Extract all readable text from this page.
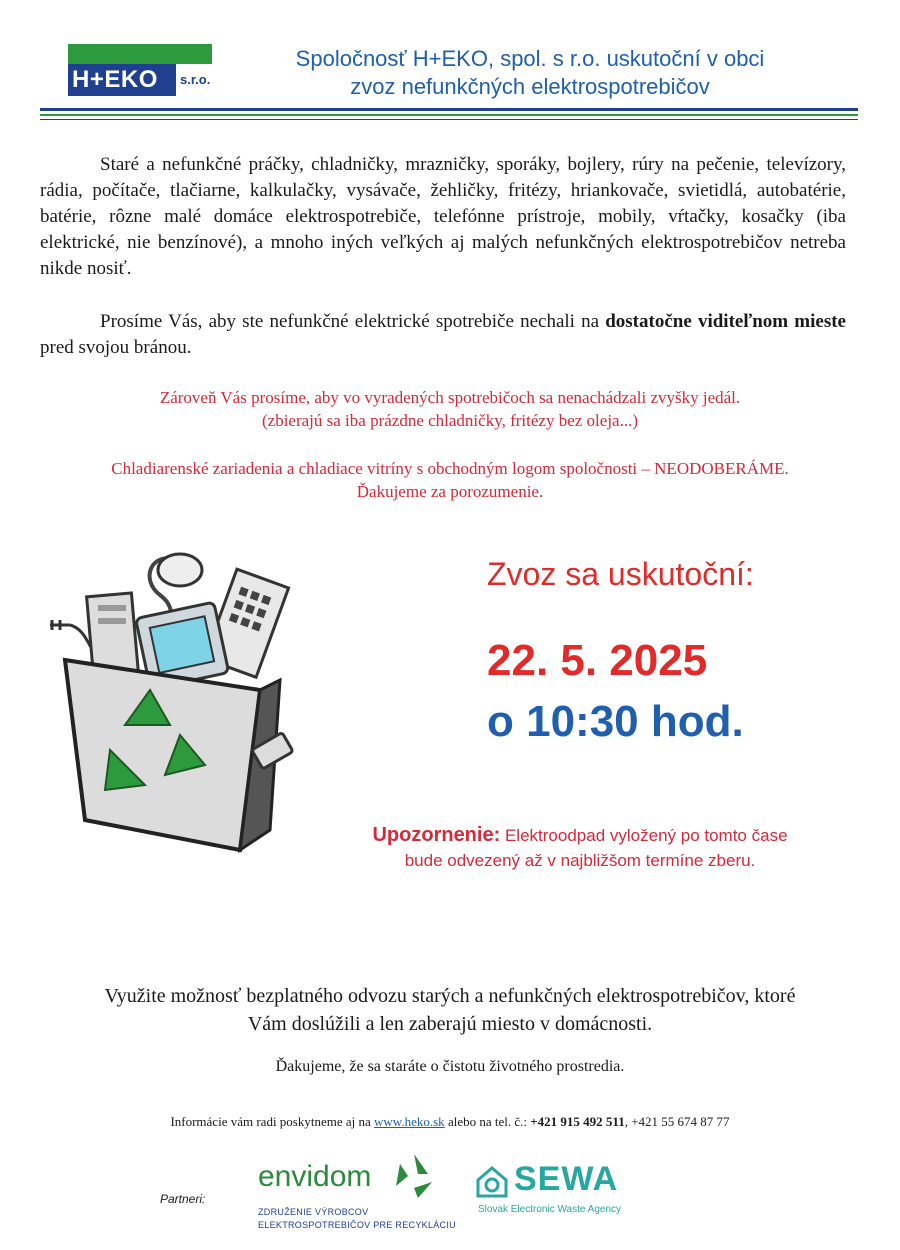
H+EKO	s.r.o.
Spoločnosť H+EKO, spol. s r.o. uskutoční v obci
zvoz nefunkčných elektrospotrebičov
Staré a nefunkčné práčky, chladničky, mrazničky, sporáky, bojlery, rúry na pečenie, televízory, rádia, počítače, tlačiarne, kalkulačky, vysávače, žehličky, fritézy, hriankovače, svietidlá, autobatérie, batérie, rôzne malé domáce elektrospotrebiče, telefónne prístroje, mobily, vŕtačky, kosačky (iba elektrické, nie benzínové), a mnoho iných veľkých aj malých nefunkčných elektrospotrebičov netreba nikde nosiť.
Prosíme Vás, aby ste nefunkčné elektrické spotrebiče nechali na dostatočne viditeľnom mieste pred svojou bránou.
Zároveň Vás prosíme, aby vo vyradených spotrebičoch sa nenachádzali zvyšky jedál.
(zbierajú sa iba prázdne chladničky, fritézy bez oleja...)
Chladiarenské zariadenia a chladiace vitríny s obchodným logom spoločnosti – NEODOBERÁME.
Ďakujeme za porozumenie.
Zvoz sa uskutoční:
22. 5. 2025
o 10:30 hod.
Upozornenie: Elektroodpad vyložený po tomto čase
bude odvezený až v najbližšom termíne zberu.
Využite možnosť bezplatného odvozu starých a nefunkčných elektrospotrebičov, ktoré
Vám doslúžili a len zaberajú miesto v domácnosti.
Ďakujeme, že sa staráte o čistotu životného prostredia.
Informácie vám radi poskytneme aj na www.heko.sk alebo na tel. č.: +421 915 492 511, +421 55 674 87 77
Partneri:
envidom
ZDRUŽENIE VÝROBCOV
ELEKTROSPOTREBIČOV PRE RECYKLÁCIU
SEWA
Slovak Electronic Waste Agency
